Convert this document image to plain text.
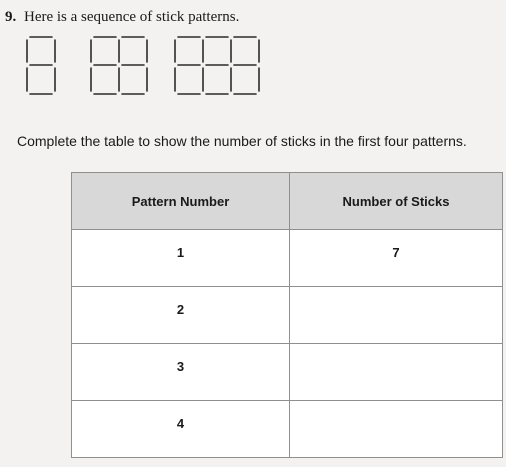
9. Here is a sequence of stick patterns.
Complete the table to show the number of sticks in the first four patterns.
Pattern Number	Number of Sticks
1	7
2	
3	
4	
